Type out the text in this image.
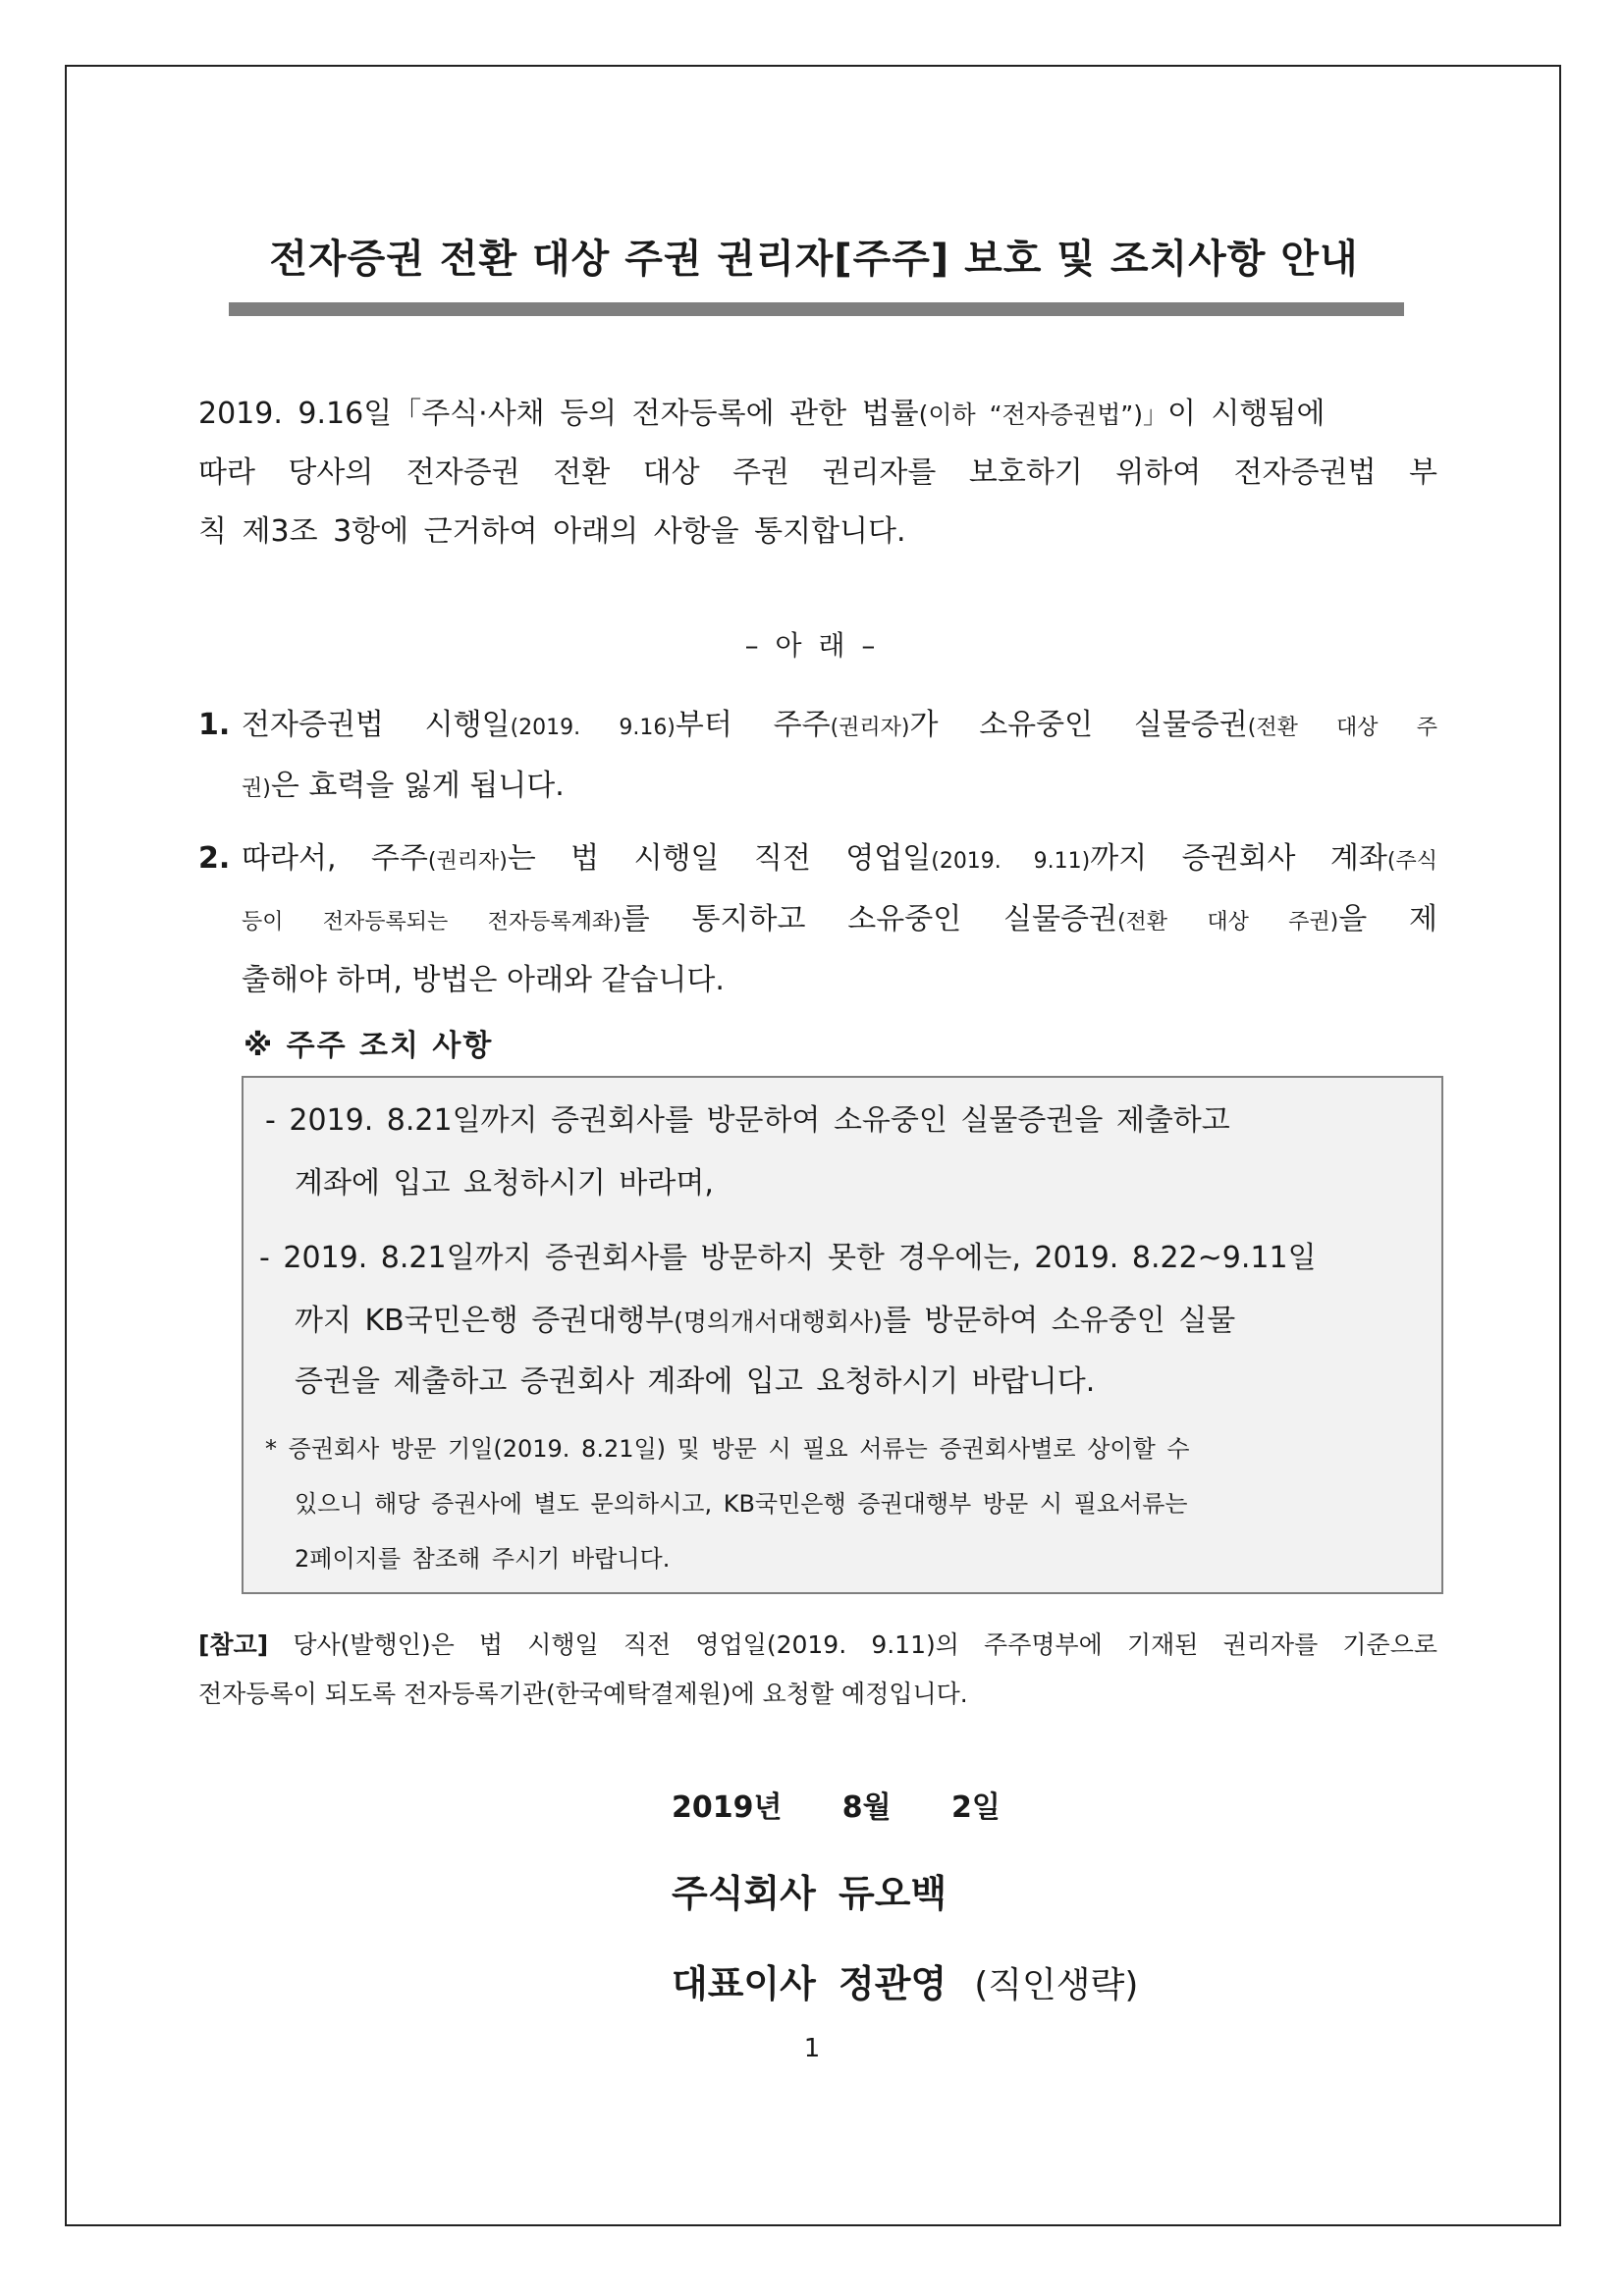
전자증권 전환 대상 주권 권리자[주주] 보호 및 조치사항 안내
2019. 9.16일「주식·사채 등의 전자등록에 관한 법률(이하 “전자증권법”)」이 시행됨에
따라 당사의 전자증권 전환 대상 주권 권리자를 보호하기 위하여 전자증권법 부
칙 제3조 3항에 근거하여 아래의 사항을 통지합니다.
– 아 래 –
1. 전자증권법 시행일(2019. 9.16)부터 주주(권리자)가 소유중인 실물증권(전환 대상 주
권)은 효력을 잃게 됩니다.
2. 따라서, 주주(권리자)는 법 시행일 직전 영업일(2019. 9.11)까지 증권회사 계좌(주식
등이 전자등록되는 전자등록계좌)를 통지하고 소유중인 실물증권(전환 대상 주권)을 제
출해야 하며, 방법은 아래와 같습니다.
※ 주주 조치 사항
- 2019. 8.21일까지 증권회사를 방문하여 소유중인 실물증권을 제출하고
계좌에 입고 요청하시기 바라며,
- 2019. 8.21일까지 증권회사를 방문하지 못한 경우에는, 2019. 8.22~9.11일
까지 KB국민은행 증권대행부(명의개서대행회사)를 방문하여 소유중인 실물
증권을 제출하고 증권회사 계좌에 입고 요청하시기 바랍니다.
* 증권회사 방문 기일(2019. 8.21일) 및 방문 시 필요 서류는 증권회사별로 상이할 수
있으니 해당 증권사에 별도 문의하시고, KB국민은행 증권대행부 방문 시 필요서류는
2페이지를 참조해 주시기 바랍니다.
[참고] 당사(발행인)은 법 시행일 직전 영업일(2019. 9.11)의 주주명부에 기재된 권리자를 기준으로
전자등록이 되도록 전자등록기관(한국예탁결제원)에 요청할 예정입니다.
2019년   8월   2일
주식회사 듀오백
대표이사 정관영 (직인생략)
1
